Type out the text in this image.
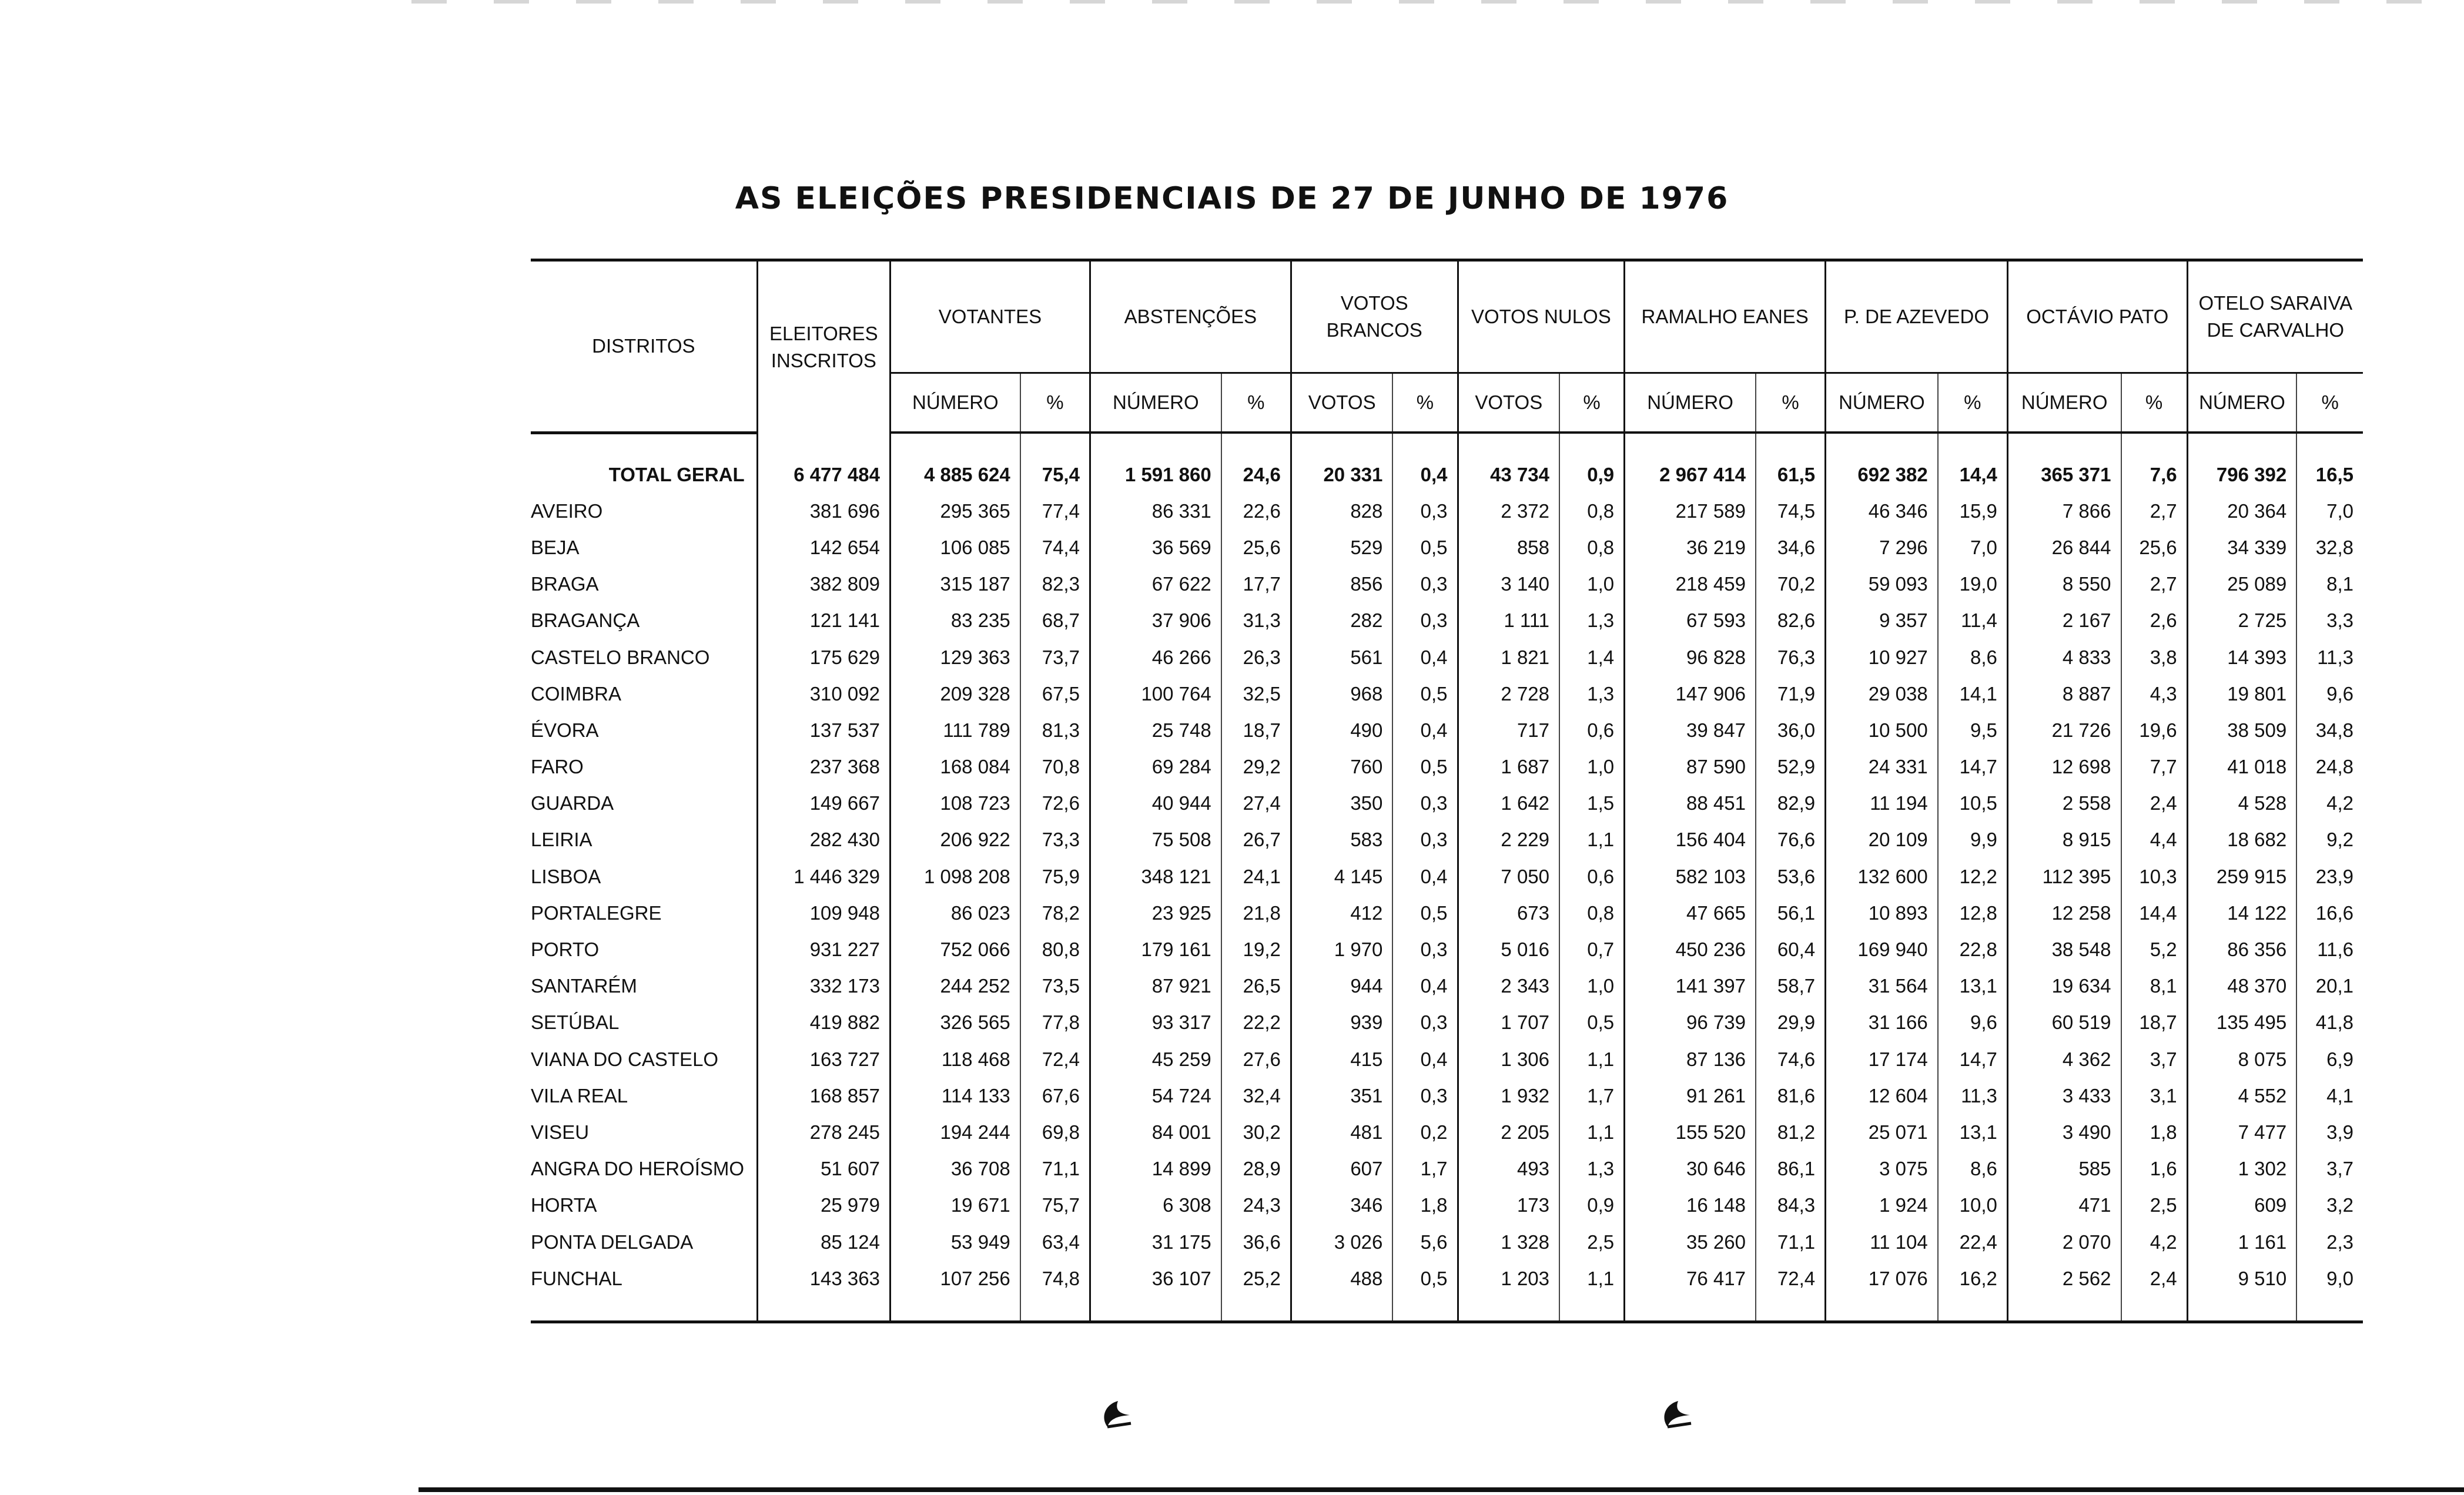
AS ELEIÇÕES PRESIDENCIAIS DE 27 DE JUNHO DE 1976
DISTRITOS	ELEITORES INSCRITOS	VOTANTES		ABSTENÇÕES		VOTOS BRANCOS		VOTOS NULOS		RAMALHO EANES		P. DE AZEVEDO		OCTÁVIO PATO		OTELO SARAIVA DE CARVALHO	
		NÚMERO	%	NÚMERO	%	VOTOS	%	VOTOS	%	NÚMERO	%	NÚMERO	%	NÚMERO	%	NÚMERO	%

TOTAL GERAL	6 477 484	4 885 624	75,4	1 591 860	24,6	20 331	0,4	43 734	0,9	2 967 414	61,5	692 382	14,4	365 371	7,6	796 392	16,5
AVEIRO	381 696	295 365	77,4	86 331	22,6	828	0,3	2 372	0,8	217 589	74,5	46 346	15,9	7 866	2,7	20 364	7,0
BEJA	142 654	106 085	74,4	36 569	25,6	529	0,5	858	0,8	36 219	34,6	7 296	7,0	26 844	25,6	34 339	32,8
BRAGA	382 809	315 187	82,3	67 622	17,7	856	0,3	3 140	1,0	218 459	70,2	59 093	19,0	8 550	2,7	25 089	8,1
BRAGANÇA	121 141	83 235	68,7	37 906	31,3	282	0,3	1 111	1,3	67 593	82,6	9 357	11,4	2 167	2,6	2 725	3,3
CASTELO BRANCO	175 629	129 363	73,7	46 266	26,3	561	0,4	1 821	1,4	96 828	76,3	10 927	8,6	4 833	3,8	14 393	11,3
COIMBRA	310 092	209 328	67,5	100 764	32,5	968	0,5	2 728	1,3	147 906	71,9	29 038	14,1	8 887	4,3	19 801	9,6
ÉVORA	137 537	111 789	81,3	25 748	18,7	490	0,4	717	0,6	39 847	36,0	10 500	9,5	21 726	19,6	38 509	34,8
FARO	237 368	168 084	70,8	69 284	29,2	760	0,5	1 687	1,0	87 590	52,9	24 331	14,7	12 698	7,7	41 018	24,8
GUARDA	149 667	108 723	72,6	40 944	27,4	350	0,3	1 642	1,5	88 451	82,9	11 194	10,5	2 558	2,4	4 528	4,2
LEIRIA	282 430	206 922	73,3	75 508	26,7	583	0,3	2 229	1,1	156 404	76,6	20 109	9,9	8 915	4,4	18 682	9,2
LISBOA	1 446 329	1 098 208	75,9	348 121	24,1	4 145	0,4	7 050	0,6	582 103	53,6	132 600	12,2	112 395	10,3	259 915	23,9
PORTALEGRE	109 948	86 023	78,2	23 925	21,8	412	0,5	673	0,8	47 665	56,1	10 893	12,8	12 258	14,4	14 122	16,6
PORTO	931 227	752 066	80,8	179 161	19,2	1 970	0,3	5 016	0,7	450 236	60,4	169 940	22,8	38 548	5,2	86 356	11,6
SANTARÉM	332 173	244 252	73,5	87 921	26,5	944	0,4	2 343	1,0	141 397	58,7	31 564	13,1	19 634	8,1	48 370	20,1
SETÚBAL	419 882	326 565	77,8	93 317	22,2	939	0,3	1 707	0,5	96 739	29,9	31 166	9,6	60 519	18,7	135 495	41,8
VIANA DO CASTELO	163 727	118 468	72,4	45 259	27,6	415	0,4	1 306	1,1	87 136	74,6	17 174	14,7	4 362	3,7	8 075	6,9
VILA REAL	168 857	114 133	67,6	54 724	32,4	351	0,3	1 932	1,7	91 261	81,6	12 604	11,3	3 433	3,1	4 552	4,1
VISEU	278 245	194 244	69,8	84 001	30,2	481	0,2	2 205	1,1	155 520	81,2	25 071	13,1	3 490	1,8	7 477	3,9
ANGRA DO HEROÍSMO	51 607	36 708	71,1	14 899	28,9	607	1,7	493	1,3	30 646	86,1	3 075	8,6	585	1,6	1 302	3,7
HORTA	25 979	19 671	75,7	6 308	24,3	346	1,8	173	0,9	16 148	84,3	1 924	10,0	471	2,5	609	3,2
PONTA DELGADA	85 124	53 949	63,4	31 175	36,6	3 026	5,6	1 328	2,5	35 260	71,1	11 104	22,4	2 070	4,2	1 161	2,3
FUNCHAL	143 363	107 256	74,8	36 107	25,2	488	0,5	1 203	1,1	76 417	72,4	17 076	16,2	2 562	2,4	9 510	9,0
